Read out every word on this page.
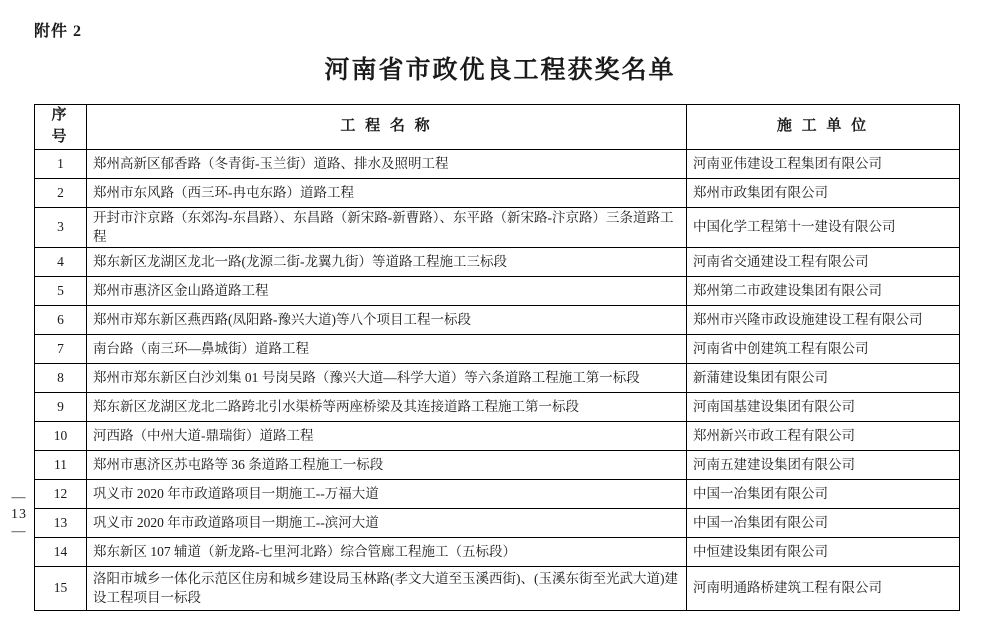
附件 2
河南省市政优良工程获奖名单
序 号	工 程 名 称	施 工 单 位
1	郑州高新区郁香路（冬青街-玉兰街）道路、排水及照明工程	河南亚伟建设工程集团有限公司
2	郑州市东风路（西三环-冉屯东路）道路工程	郑州市政集团有限公司
3	开封市汴京路（东郊沟-东昌路）、东昌路（新宋路-新曹路）、东平路（新宋路-汴京路）三条道路工程	中国化学工程第十一建设有限公司
4	郑东新区龙湖区龙北一路(龙源二街-龙翼九街）等道路工程施工三标段	河南省交通建设工程有限公司
5	郑州市惠济区金山路道路工程	郑州第二市政建设集团有限公司
6	郑州市郑东新区燕西路(凤阳路-豫兴大道)等八个项目工程一标段	郑州市兴隆市政设施建设工程有限公司
7	南台路（南三环—鼻城街）道路工程	河南省中创建筑工程有限公司
8	郑州市郑东新区白沙刘集 01 号岗吴路（豫兴大道—科学大道）等六条道路工程施工第一标段	新蒲建设集团有限公司
9	郑东新区龙湖区龙北二路跨北引水渠桥等两座桥梁及其连接道路工程施工第一标段	河南国基建设集团有限公司
10	河西路（中州大道-鼎瑞街）道路工程	郑州新兴市政工程有限公司
11	郑州市惠济区苏屯路等 36 条道路工程施工一标段	河南五建建设集团有限公司
12	巩义市 2020 年市政道路项目一期施工--万福大道	中国一冶集团有限公司
13	巩义市 2020 年市政道路项目一期施工--滨河大道	中国一冶集团有限公司
14	郑东新区 107 辅道（新龙路-七里河北路）综合管廊工程施工（五标段）	中恒建设集团有限公司
15	洛阳市城乡一体化示范区住房和城乡建设局玉林路(孝文大道至玉溪西街)、(玉溪东街至光武大道)建设工程项目一标段	河南明通路桥建筑工程有限公司
—
13
—
